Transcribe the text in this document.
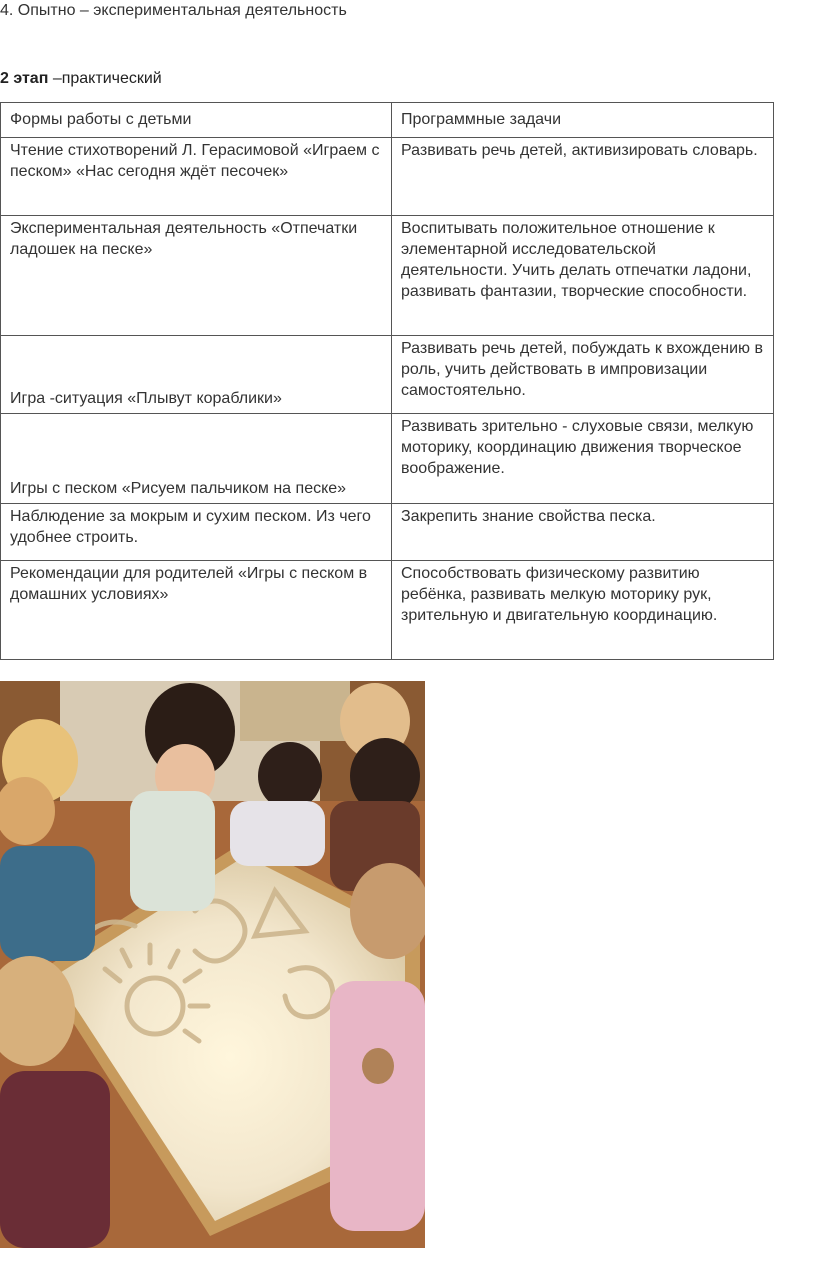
4. Опытно – экспериментальная деятельность
2 этап –практический
Формы работы с детьми	Программные задачи
Чтение стихотворений Л. Герасимовой «Играем с песком» «Нас сегодня ждёт песочек»	Развивать речь детей, активизировать словарь.
Экспериментальная деятельность «Отпечатки ладошек на песке»	Воспитывать положительное отношение к элементарной исследовательской деятельности. Учить делать отпечатки ладони, развивать фантазии, творческие способности.
Игра -ситуация «Плывут кораблики»	Развивать речь детей, побуждать к вхождению в роль, учить действовать в импровизации самостоятельно.
Игры с песком «Рисуем пальчиком на песке»	Развивать зрительно - слуховые связи, мелкую моторику, координацию движения творческое воображение.
Наблюдение за мокрым и сухим песком. Из чего удобнее строить.	Закрепить знание свойства песка.
Рекомендации для родителей «Игры с песком в домашних условиях»	Способствовать физическому развитию ребёнка, развивать мелкую моторику рук, зрительную и двигательную координацию.
